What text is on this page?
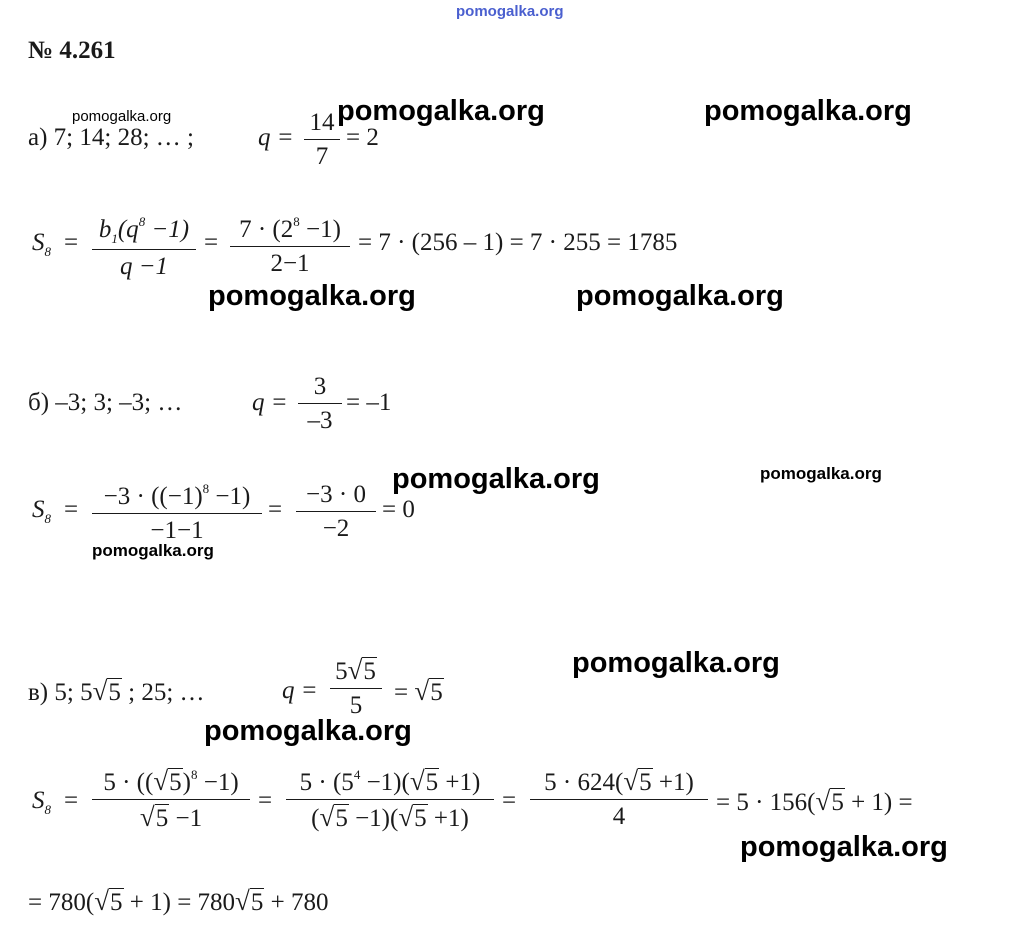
pomogalka.org
pomogalka.org	pomogalka.org	pomogalka.org
pomogalka.org	pomogalka.org
pomogalka.org	pomogalka.org
pomogalka.org
pomogalka.org
pomogalka.org
pomogalka.org
№ 4.261
а) 7; 14; 28; … ;	q =
14
7
= 2
$S_8 = b_1(q^8 -1)$
q −1
= $7 \cdot (2^8 -1)$
2−1
= 7 · (256 – 1) = 7 · 255 = 1785
б) –3; 3; –3; …	q =
3
–3
= –1
$S_8$ =	$-3 \cdot ((-1)^8 -1)$
−1−1
=
−3 · 0
−2
= 0
в) 5; 5√5 ; 25; …	q =
5√5
5	= √5
$S_8$ =
$5 \cdot ((√5)^8 -1)$
√5 −1
=
$5 \cdot (5^4 -1)(√5 +1)$
(√5 −1)(√5 +1)
=
5 · 624(√5 +1)
4
= 5 · 156(√5 + 1) =
= 780(√5 + 1) = 780√5 + 780
